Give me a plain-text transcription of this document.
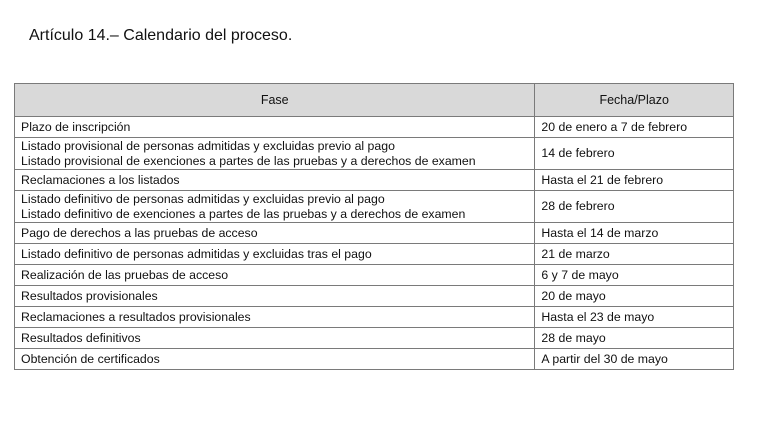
Artículo 14.– Calendario del proceso.
Fase	Fecha/Plazo

Plazo de inscripción	20 de enero a 7 de febrero

Listado provisional de personas admitidas y excluidas previo al pago
Listado provisional de exenciones a partes de las pruebas y a derechos de examen	14 de febrero

Reclamaciones a los listados	Hasta el 21 de febrero

Listado definitivo de personas admitidas y excluidas previo al pago
Listado definitivo de exenciones a partes de las pruebas y a derechos de examen	28 de febrero

Pago de derechos a las pruebas de acceso	Hasta el 14 de marzo

Listado definitivo de personas admitidas y excluidas tras el pago	21 de marzo

Realización de las pruebas de acceso	6 y 7 de mayo

Resultados provisionales	20 de mayo

Reclamaciones a resultados provisionales	Hasta el 23 de mayo

Resultados definitivos	28 de mayo

Obtención de certificados	A partir del 30 de mayo
